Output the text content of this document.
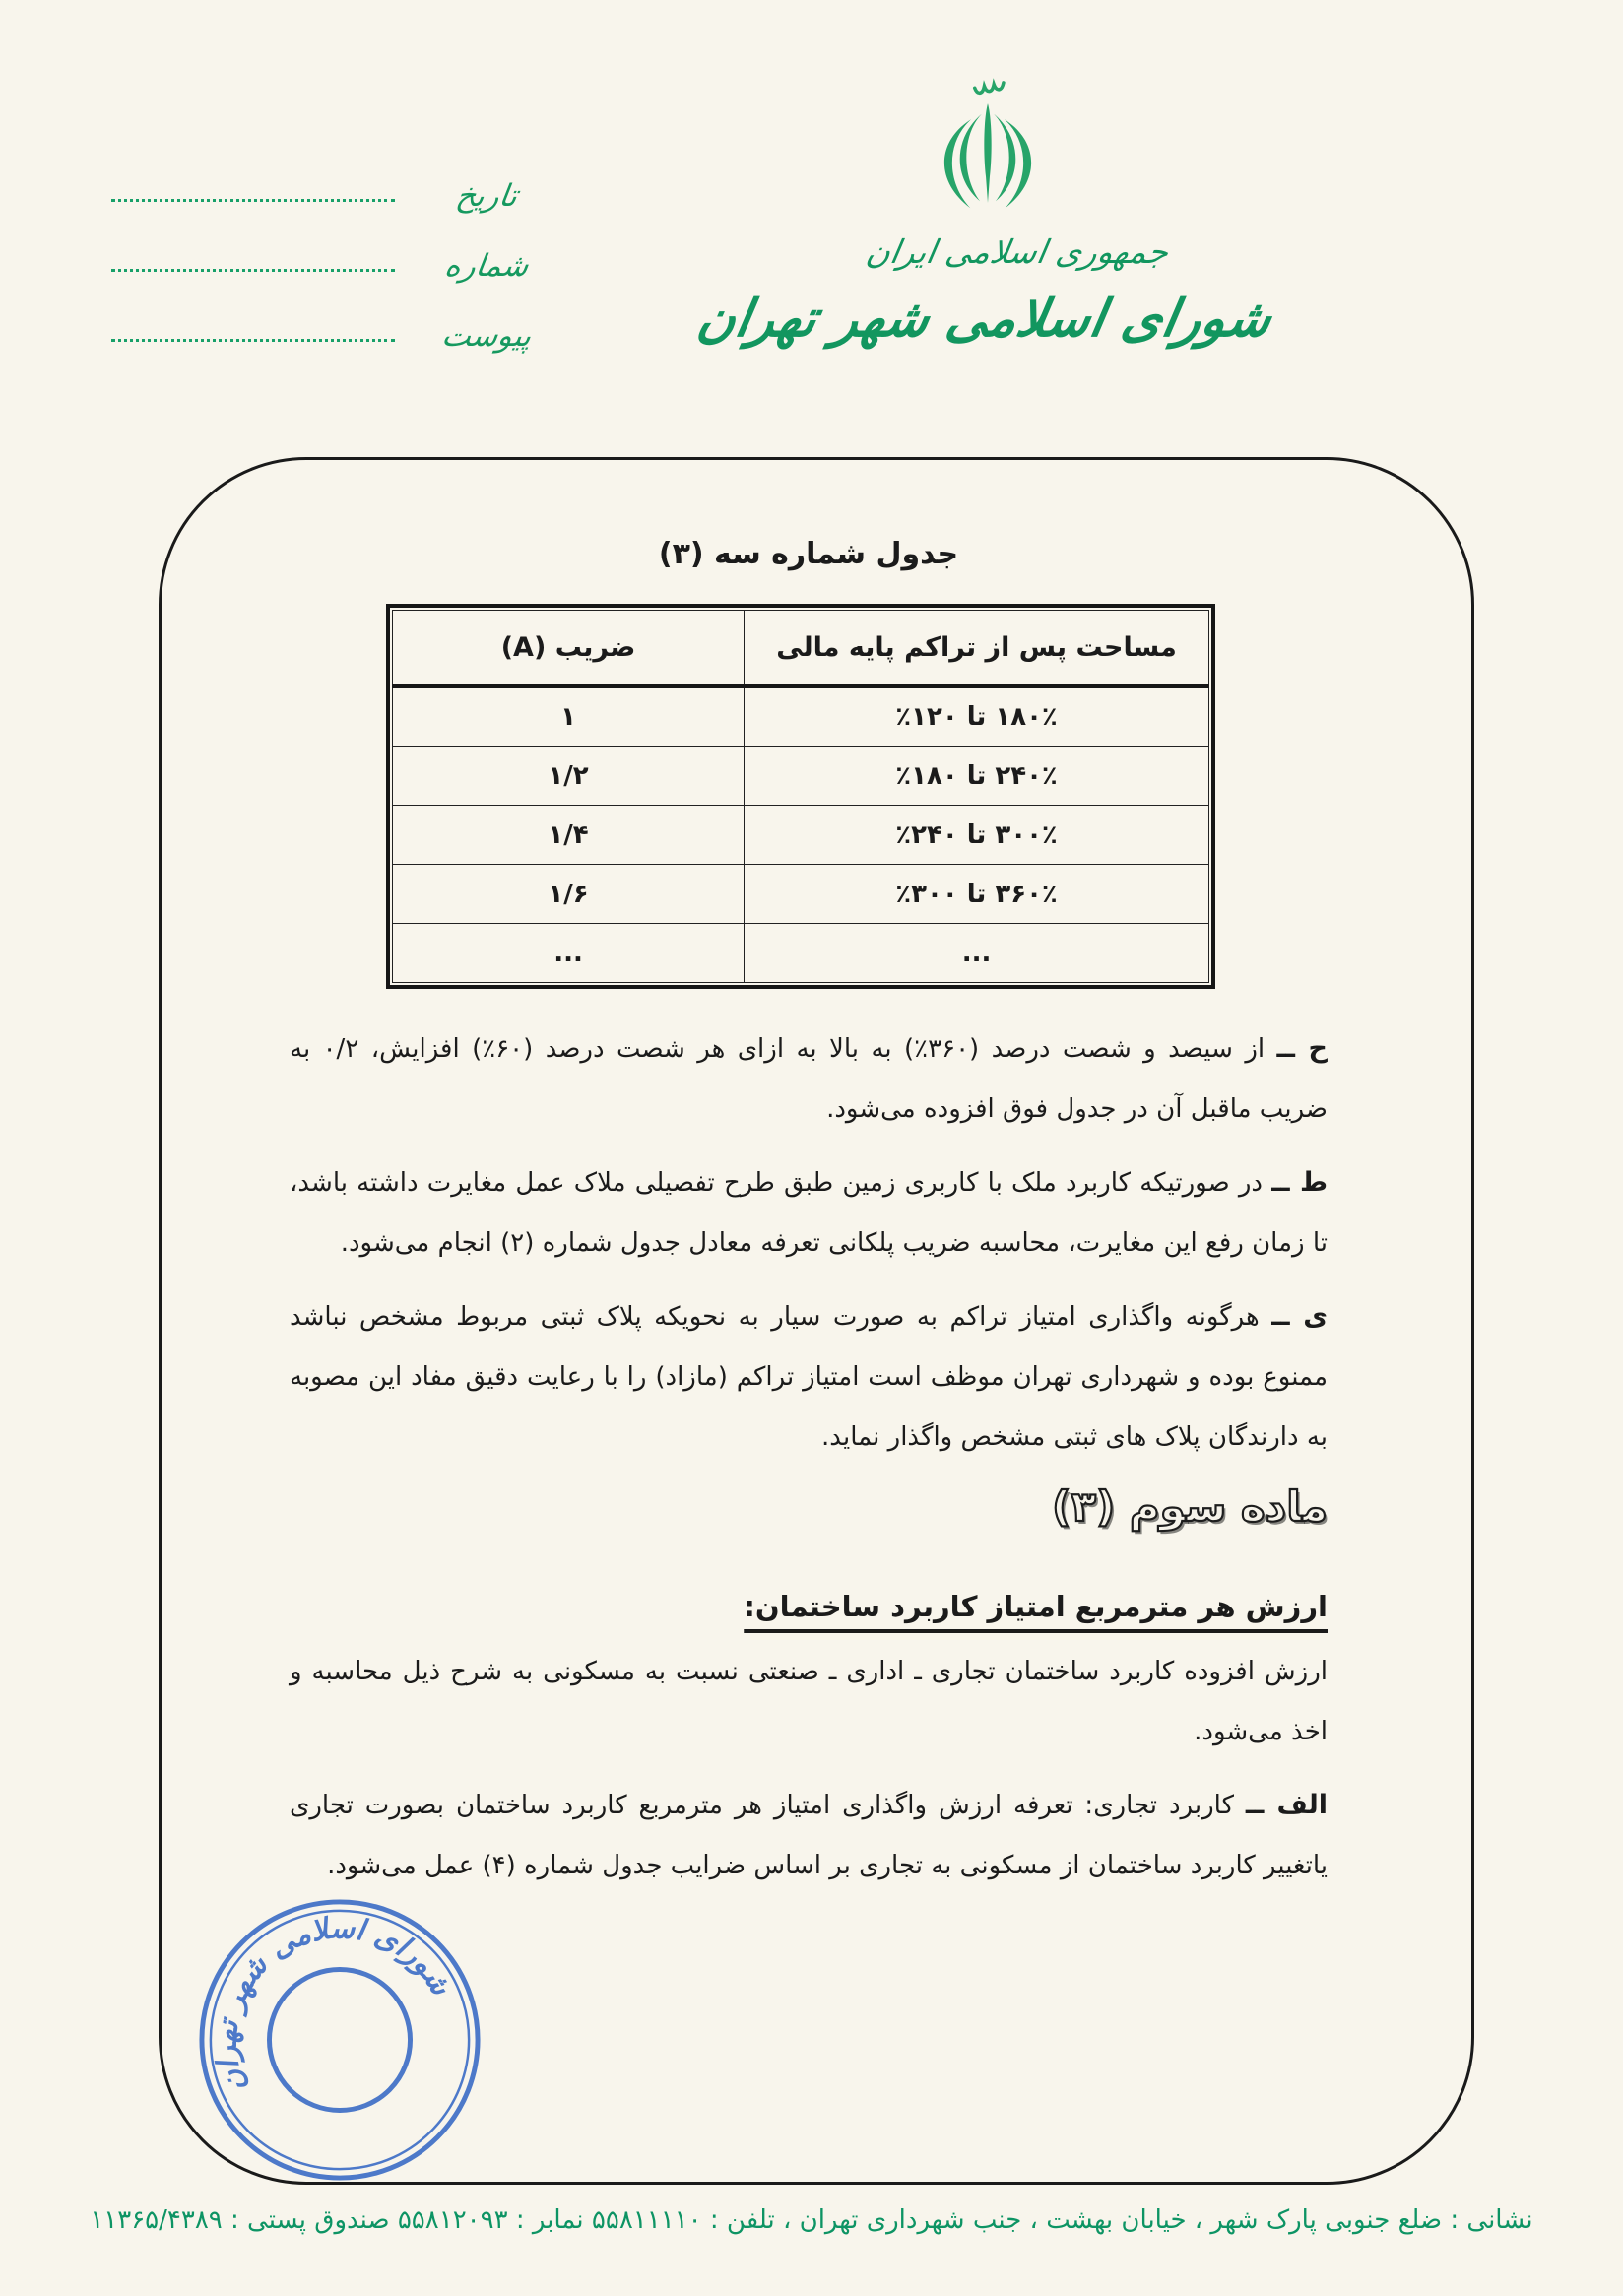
تاریخ
شماره
پیوست
جمهوری اسلامی ایران
شورای اسلامی شهر تهران
جدول شماره سه (۳)
مساحت پس از تراکم پایه مالی	ضریب (A)
۱۸۰٪ تا ۱۲۰٪	۱
۲۴۰٪ تا ۱۸۰٪	۱/۲
۳۰۰٪ تا ۲۴۰٪	۱/۴
۳۶۰٪ تا ۳۰۰٪	۱/۶
...	...

ح ــ از سیصد و شصت درصد (۳۶۰٪) به بالا به ازای هر شصت درصد (۶۰٪) افزایش، ۰/۲ به ضریب ماقبل آن در جدول فوق افزوده می‌شود.

ط ــ در صورتیکه کاربرد ملک با کاربری زمین طبق طرح تفصیلی ملاک عمل مغایرت داشته باشد، تا زمان رفع این مغایرت، محاسبه ضریب پلکانی تعرفه معادل جدول شماره (۲) انجام می‌شود.

ی ــ هرگونه واگذاری امتیاز تراکم به صورت سیار به نحویکه پلاک ثبتی مربوط مشخص نباشد ممنوع بوده و شهرداری تهران موظف است امتیاز تراکم (مازاد) را با رعایت دقیق مفاد این مصوبه به دارندگان پلاک های ثبتی مشخص واگذار نماید.

ماده سوم (۳)
ارزش هر مترمربع امتیاز کاربرد ساختمان:

ارزش افزوده کاربرد ساختمان تجاری ـ اداری ـ صنعتی نسبت به مسکونی به شرح ذیل محاسبه و اخذ می‌شود.

الف ــ کاربرد تجاری: تعرفه ارزش واگذاری امتیاز هر مترمربع کاربرد ساختمان بصورت تجاری یاتغییر کاربرد ساختمان از مسکونی به تجاری بر اساس ضرایب جدول شماره (۴) عمل می‌شود.

شورای اسلامی شهر تهران
نشانی : ضلع جنوبی پارک شهر ، خیابان بهشت ، جنب شهرداری تهران ، تلفن : ۵۵۸۱۱۱۱۰ نمابر : ۵۵۸۱۲۰۹۳ صندوق پستی : ۱۱۳۶۵/۴۳۸۹
